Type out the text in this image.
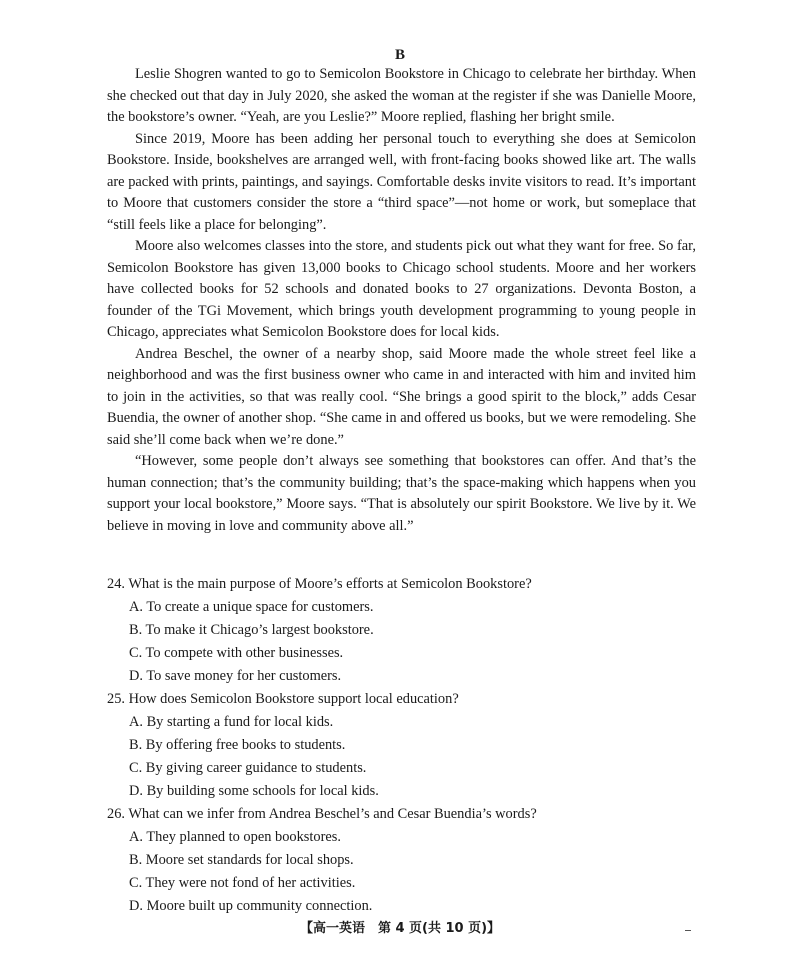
B

Leslie Shogren wanted to go to Semicolon Bookstore in Chicago to celebrate her birthday. When she checked out that day in July 2020, she asked the woman at the register if she was Danielle Moore, the bookstore’s owner. “Yeah, are you Leslie?” Moore replied, flashing her bright smile.

Since 2019, Moore has been adding her personal touch to everything she does at Semicolon Bookstore. Inside, bookshelves are arranged well, with front-facing books showed like art. The walls are packed with prints, paintings, and sayings. Comfortable desks invite visitors to read. It’s important to Moore that customers consider the store a “third space”—not home or work, but someplace that “still feels like a place for belonging”.

Moore also welcomes classes into the store, and students pick out what they want for free. So far, Semicolon Bookstore has given 13,000 books to Chicago school students. Moore and her workers have collected books for 52 schools and donated books to 27 organizations. Devonta Boston, a founder of the TGi Movement, which brings youth development programming to young people in Chicago, appreciates what Semicolon Bookstore does for local kids.

Andrea Beschel, the owner of a nearby shop, said Moore made the whole street feel like a neighborhood and was the first business owner who came in and interacted with him and invited him to join in the activities, so that was really cool. “She brings a good spirit to the block,” adds Cesar Buendia, the owner of another shop. “She came in and offered us books, but we were remodeling. She said she’ll come back when we’re done.”

“However, some people don’t always see something that bookstores can offer. And that’s the human connection; that’s the community building; that’s the space-making which happens when you support your local bookstore,” Moore says. “That is absolutely our spirit Bookstore. We live by it. We believe in moving in love and community above all.”

24. What is the main purpose of Moore’s efforts at Semicolon Bookstore?
A. To create a unique space for customers.
B. To make it Chicago’s largest bookstore.
C. To compete with other businesses.
D. To save money for her customers.
25. How does Semicolon Bookstore support local education?
A. By starting a fund for local kids.
B. By offering free books to students.
C. By giving career guidance to students.
D. By building some schools for local kids.
26. What can we infer from Andrea Beschel’s and Cesar Buendia’s words?
A. They planned to open bookstores.
B. Moore set standards for local shops.
C. They were not fond of her activities.
D. Moore built up community connection.
【高一英语　第 4 页(共 10 页)】
